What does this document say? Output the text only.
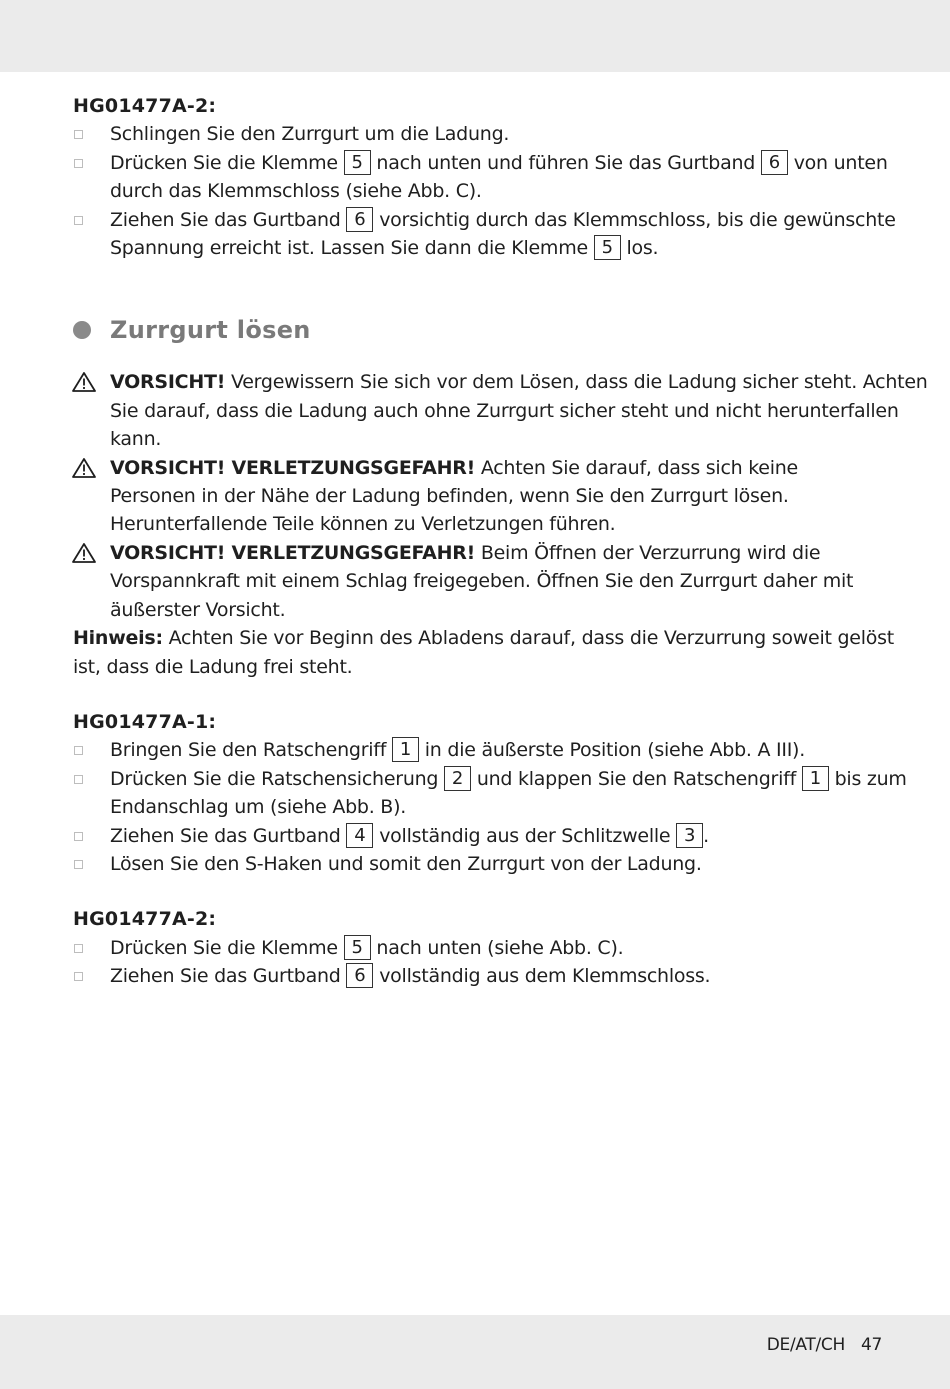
HG01477A-2:
Schlingen Sie den Zurrgurt um die Ladung.
Drücken Sie die Klemme 5 nach unten und führen Sie das Gurtband 6 von unten
durch das Klemmschloss (siehe Abb. C).
Ziehen Sie das Gurtband 6 vorsichtig durch das Klemmschloss, bis die gewünschte
Spannung erreicht ist. Lassen Sie dann die Klemme 5 los.
Zurrgurt lösen
VORSICHT! Vergewissern Sie sich vor dem Lösen, dass die Ladung sicher steht. Achten
Sie darauf, dass die Ladung auch ohne Zurrgurt sicher steht und nicht herunterfallen
kann.
VORSICHT! VERLETZUNGSGEFAHR! Achten Sie darauf, dass sich keine
Personen in der Nähe der Ladung befinden, wenn Sie den Zurrgurt lösen.
Herunterfallende Teile können zu Verletzungen führen.
VORSICHT! VERLETZUNGSGEFAHR! Beim Öffnen der Verzurrung wird die
Vorspannkraft mit einem Schlag freigegeben. Öffnen Sie den Zurrgurt daher mit
äußerster Vorsicht.
Hinweis: Achten Sie vor Beginn des Abladens darauf, dass die Verzurrung soweit gelöst
ist, dass die Ladung frei steht.
HG01477A-1:
Bringen Sie den Ratschengriff 1 in die äußerste Position (siehe Abb. A III).
Drücken Sie die Ratschensicherung 2 und klappen Sie den Ratschengriff 1 bis zum
Endanschlag um (siehe Abb. B).
Ziehen Sie das Gurtband 4 vollständig aus der Schlitzwelle 3 .
Lösen Sie den S-Haken und somit den Zurrgurt von der Ladung.
HG01477A-2:
Drücken Sie die Klemme 5 nach unten (siehe Abb. C).
Ziehen Sie das Gurtband 6 vollständig aus dem Klemmschloss.
DE/AT/CH 47
